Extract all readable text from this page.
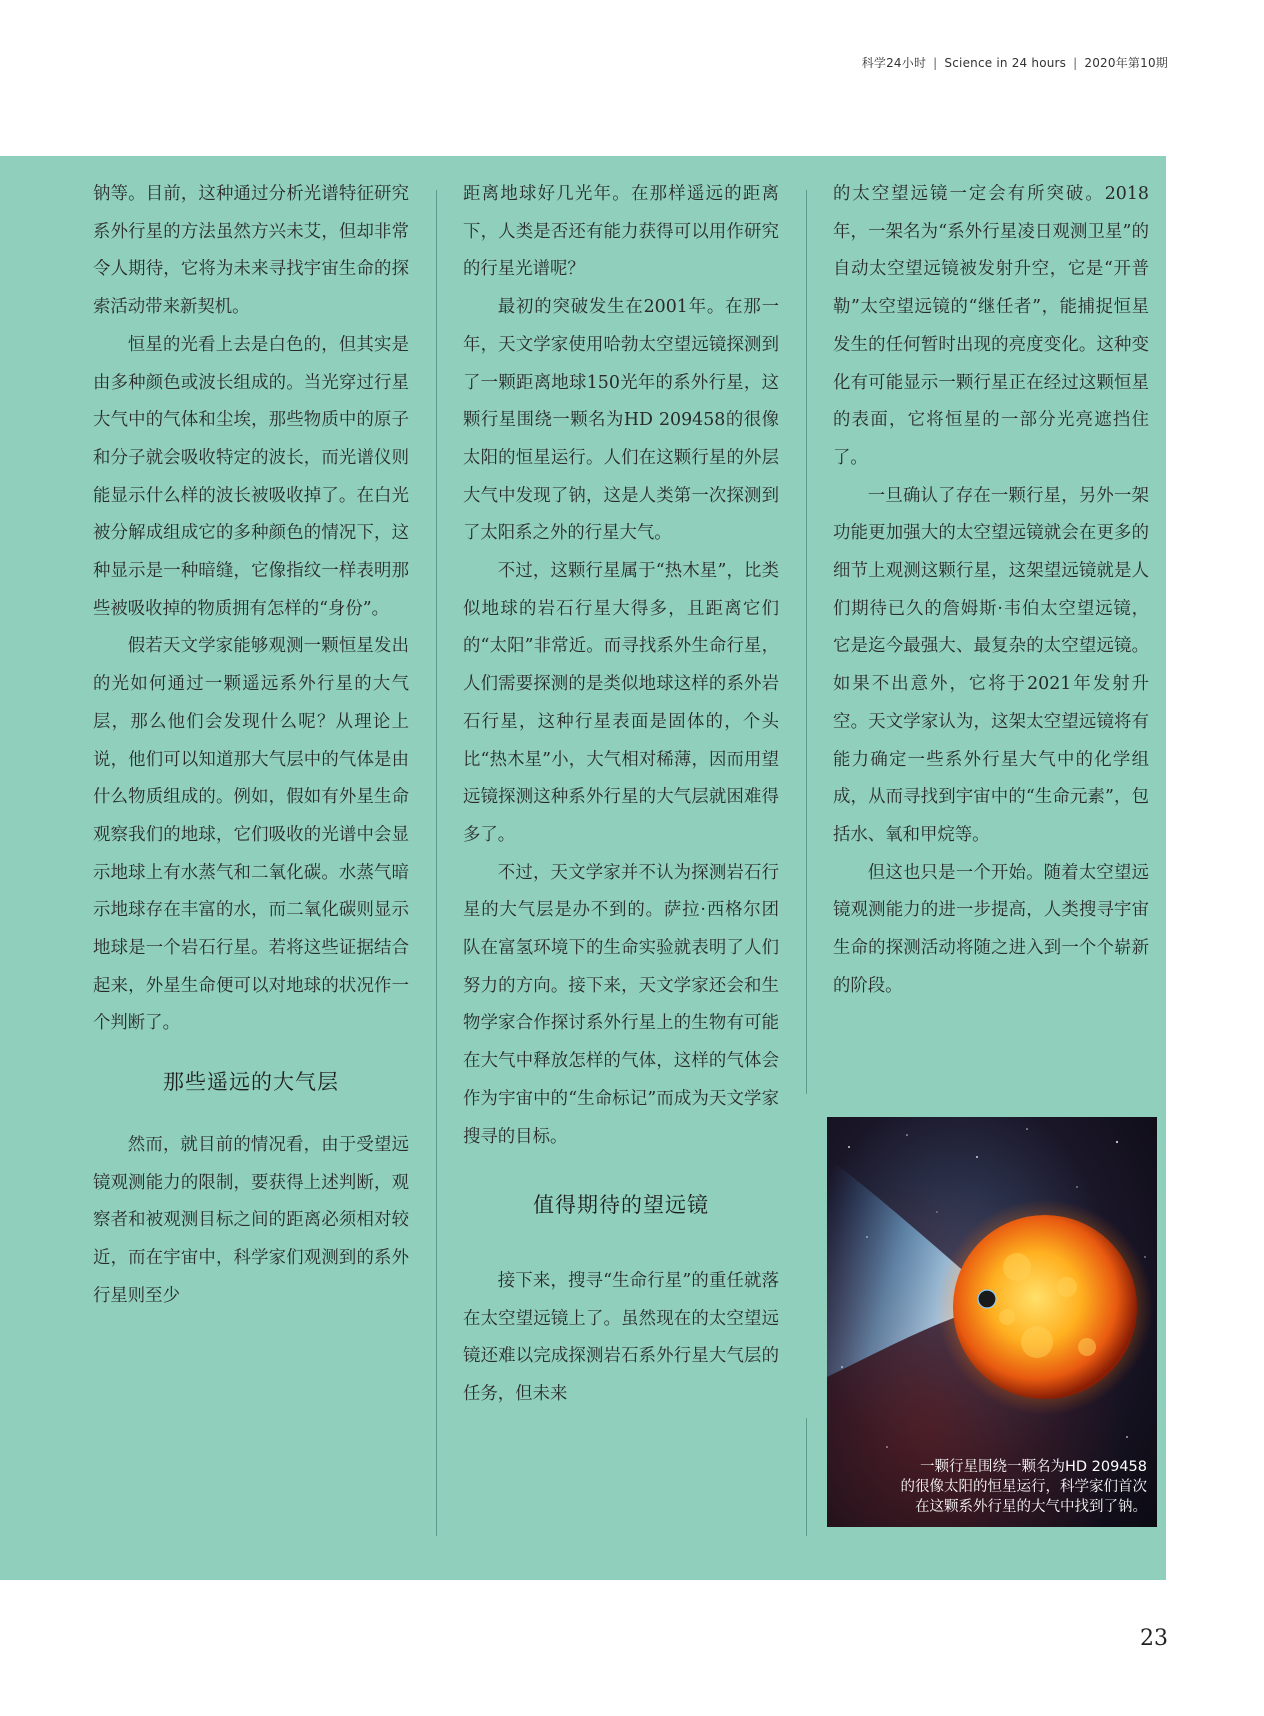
科学24小时 | Science in 24 hours | 2020年第10期

钠等。目前，这种通过分析光谱特征研究系外行星的方法虽然方兴未艾，但却非常令人期待，它将为未来寻找宇宙生命的探索活动带来新契机。

恒星的光看上去是白色的，但其实是由多种颜色或波长组成的。当光穿过行星大气中的气体和尘埃，那些物质中的原子和分子就会吸收特定的波长，而光谱仪则能显示什么样的波长被吸收掉了。在白光被分解成组成它的多种颜色的情况下，这种显示是一种暗缝，它像指纹一样表明那些被吸收掉的物质拥有怎样的“身份”。

假若天文学家能够观测一颗恒星发出的光如何通过一颗遥远系外行星的大气层，那么他们会发现什么呢？从理论上说，他们可以知道那大气层中的气体是由什么物质组成的。例如，假如有外星生命观察我们的地球，它们吸收的光谱中会显示地球上有水蒸气和二氧化碳。水蒸气暗示地球存在丰富的水，而二氧化碳则显示地球是一个岩石行星。若将这些证据结合起来，外星生命便可以对地球的状况作一个判断了。

那些遥远的大气层

然而，就目前的情况看，由于受望远镜观测能力的限制，要获得上述判断，观察者和被观测目标之间的距离必须相对较近，而在宇宙中，科学家们观测到的系外行星则至少

距离地球好几光年。在那样遥远的距离下，人类是否还有能力获得可以用作研究的行星光谱呢？

最初的突破发生在2001年。在那一年，天文学家使用哈勃太空望远镜探测到了一颗距离地球150光年的系外行星，这颗行星围绕一颗名为HD 209458的很像太阳的恒星运行。人们在这颗行星的外层大气中发现了钠，这是人类第一次探测到了太阳系之外的行星大气。

不过，这颗行星属于“热木星”，比类似地球的岩石行星大得多，且距离它们的“太阳”非常近。而寻找系外生命行星，人们需要探测的是类似地球这样的系外岩石行星，这种行星表面是固体的，个头比“热木星”小，大气相对稀薄，因而用望远镜探测这种系外行星的大气层就困难得多了。

不过，天文学家并不认为探测岩石行星的大气层是办不到的。萨拉·西格尔团队在富氢环境下的生命实验就表明了人们努力的方向。接下来，天文学家还会和生物学家合作探讨系外行星上的生物有可能在大气中释放怎样的气体，这样的气体会作为宇宙中的“生命标记”而成为天文学家搜寻的目标。

值得期待的望远镜

接下来，搜寻“生命行星”的重任就落在太空望远镜上了。虽然现在的太空望远镜还难以完成探测岩石系外行星大气层的任务，但未来

的太空望远镜一定会有所突破。2018年，一架名为“系外行星凌日观测卫星”的自动太空望远镜被发射升空，它是“开普勒”太空望远镜的“继任者”，能捕捉恒星发生的任何暂时出现的亮度变化。这种变化有可能显示一颗行星正在经过这颗恒星的表面，它将恒星的一部分光亮遮挡住了。

一旦确认了存在一颗行星，另外一架功能更加强大的太空望远镜就会在更多的细节上观测这颗行星，这架望远镜就是人们期待已久的詹姆斯·韦伯太空望远镜，它是迄今最强大、最复杂的太空望远镜。如果不出意外，它将于2021年发射升空。天文学家认为，这架太空望远镜将有能力确定一些系外行星大气中的化学组成，从而寻找到宇宙中的“生命元素”，包括水、氧和甲烷等。

但这也只是一个开始。随着太空望远镜观测能力的进一步提高，人类搜寻宇宙生命的探测活动将随之进入到一个个崭新的阶段。

一颗行星围绕一颗名为HD 209458
的很像太阳的恒星运行，科学家们首次
在这颗系外行星的大气中找到了钠。
23
